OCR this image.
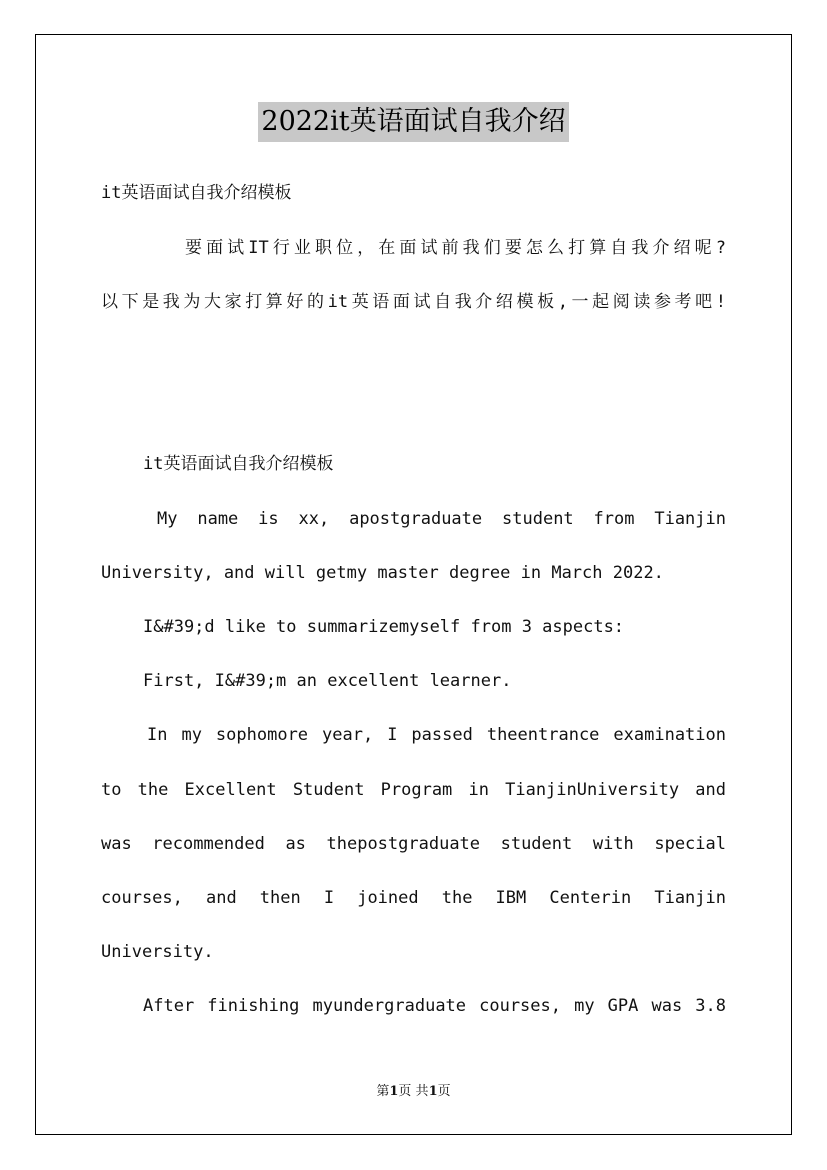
2022it英语面试自我介绍
it英语面试自我介绍模板
要面试IT行业职位，在面试前我们要怎么打算自我介绍呢?
以下是我为大家打算好的it英语面试自我介绍模板,一起阅读参考吧!
it英语面试自我介绍模板
My name is xx, apostgraduate student from Tianjin
University, and will getmy master degree in March 2022.
I&#39;d like to summarizemyself from 3 aspects:
First, I&#39;m an excellent learner.
In my sophomore year, I passed theentrance examination
to the Excellent Student Program in TianjinUniversity and
was recommended as thepostgraduate student with special
courses, and then I joined the IBM Centerin Tianjin
University.
After finishing myundergraduate courses, my GPA was 3.8
第1页 共1页
